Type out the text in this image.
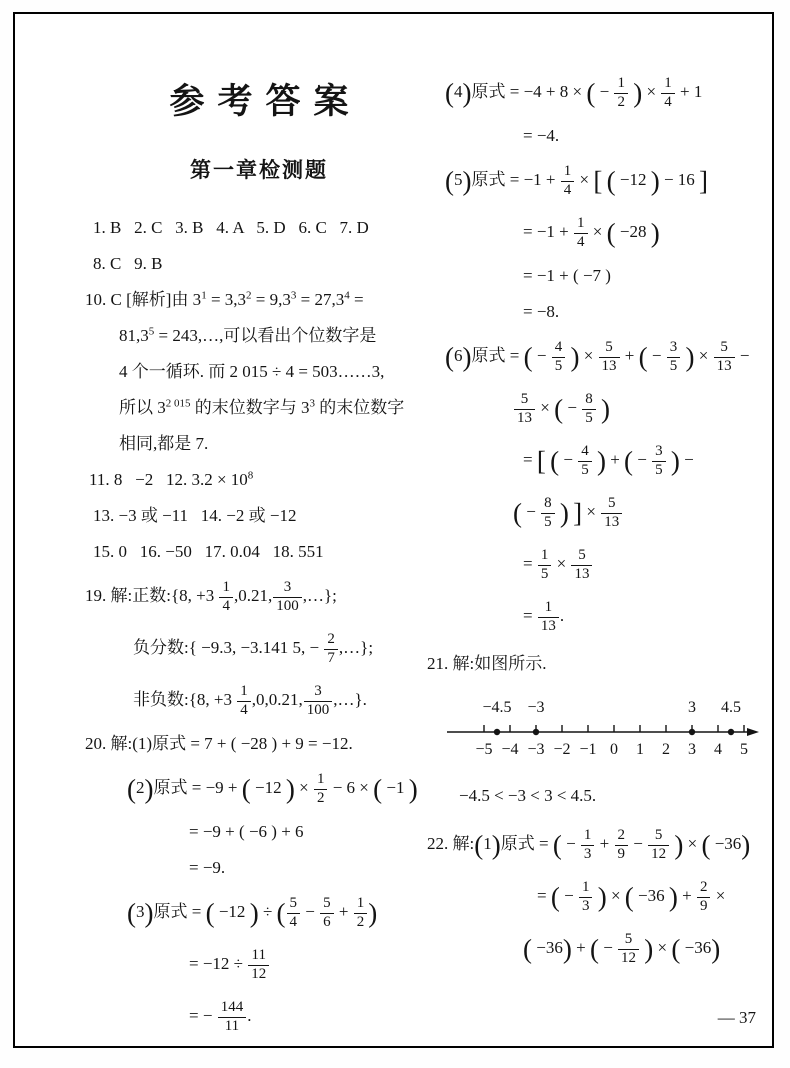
参考答案
第一章检测题
1. B   2. C   3. B   4. A   5. D   6. C   7. D
8. C   9. B
10. C [解析]由 $3^1 = 3,3^2 = 9,3^3 = 27,3^4$ =
$81,3^5$ = 243,…,可以看出个位数字是
4 个一循环. 而 2 015 ÷ 4 = 503……3,
所以 $3^{2 015}$ 的末位数字与 $3^3$ 的末位数字
相同,都是 7.
11. 8   −2   12. $3.2 \times 10^8$
13. −3 或 −11   14. −2 或 −12
15. 0   16. −50   17. 0.04   18. 551
19. 解:正数:{8, $+3 \frac{1}{4} ,0.21$, $\frac{3}{100}$ ,…};
负分数:{ −9.3, −3.141 5, − $\frac{2}{7}$ ,…};
非负数:{8, $+3 \frac{1}{4} ,0,0.21$, $\frac{3}{100}$ ,…}.
20. 解:(1)原式 = 7 + ( −28 ) + 9 = −12.
(2)原式 = −9 + ( −12 ) × $\frac{1}{2} - 6$ × ( −1 )
= −9 + ( −6 ) + 6
= −9.
(3)原式 = ( −12 ) ÷ ( $\frac{5}{4} - \frac{5}{6} + \frac{1}{2}$ )
= $-12 \div \frac{11}{12}$
= − $\frac{144}{11}$ .
(4)原式 = −4 + 8 × ( − $\frac{1}{2}$ ) × $\frac{1}{4} + 1$
= −4.
(5)原式 = $-1 + \frac{1}{4}$ × [ ( −12 ) − 16 ]
= $-1 + \frac{1}{4}$ × ( −28 )
= −1 + ( −7 )
= −8.
(6)原式 = ( − $\frac{4}{5}$ ) × $\frac{5}{13}$ + ( − $\frac{3}{5}$ ) × $\frac{5}{13}$ −
$\frac{5}{13}$ × ( − $\frac{8}{5}$ )
= [ ( − $\frac{4}{5}$ ) + ( − $\frac{3}{5}$ ) −
( − $\frac{8}{5}$ ) ] × $\frac{5}{13}$
= $\frac{1}{5} \times \frac{5}{13}$
= $\frac{1}{13}$ .
21. 解:如图所示.
−5 −4 −3 −2 −1 0 1 2 3 4 5
−4.5 −3	3 4.5
−4.5 < −3 < 3 < 4.5.
22. 解:(1)原式 = ( − $\frac{1}{3} + \frac{2}{9} - \frac{5}{12}$ ) × ( −36)
= ( − $\frac{1}{3}$ ) × ( −36 ) + $\frac{2}{9}$ ×
( −36) + ( − $\frac{5}{12}$ ) × ( −36)
— 37
